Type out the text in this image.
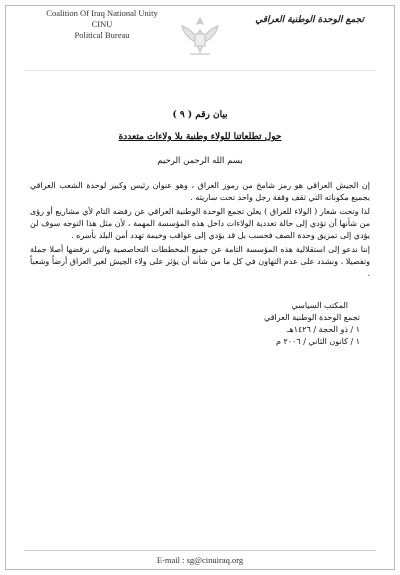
Coalition Of Iraq National Unity
CINU
Political Bureau
تجمع الوحدة الوطنية العراقي
بيان رقم ( ٩ )
حول تطلعاتنا للولاء وطنية بلا ولاءات متعددة
بسم الله الرحمن الرحيم

إن الجيش العراقي هو رمز شامخ من رموز العراق ، وهو عنوان رئيس وكبير لوحدة الشعب العراقي بجميع مكوناته التي تقف وقفة رجل واحد تحت ساريته .

لذا وتحت شعار ( الولاء للعراق ) يعلن تجمع الوحدة الوطنية العراقي عن رفضه التام لأي مشاريع أو رؤى من شأنها أن تؤدي إلى حالة تعددية الولاءات داخل هذه المؤسسة المهمة ، لأن مثل هذا التوجه سوف لن يؤدي إلى تمزيق وحدة الصف فحسب بل قد يؤدي إلى عواقب وخيمة تهدد أمن البلد بأسره .

إننا ندعو إلى استقلالية هذه المؤسسة التامة عن جميع المخططات التحاصصية والتي نرفضها أصلا جملة وتفصيلا ، ونشدد على عدم التهاون في كل ما من شأنه أن يؤثر على ولاء الجيش لغير العراق أرضاً وشعباً .

المكتب السياسي
تجمع الوحدة الوطنية العراقي
١ / ذو الحجة / ١٤٢٦هـ
١ / كانون الثاني / ٢٠٠٦ م
E-mail : sg@cinuiraq.org
